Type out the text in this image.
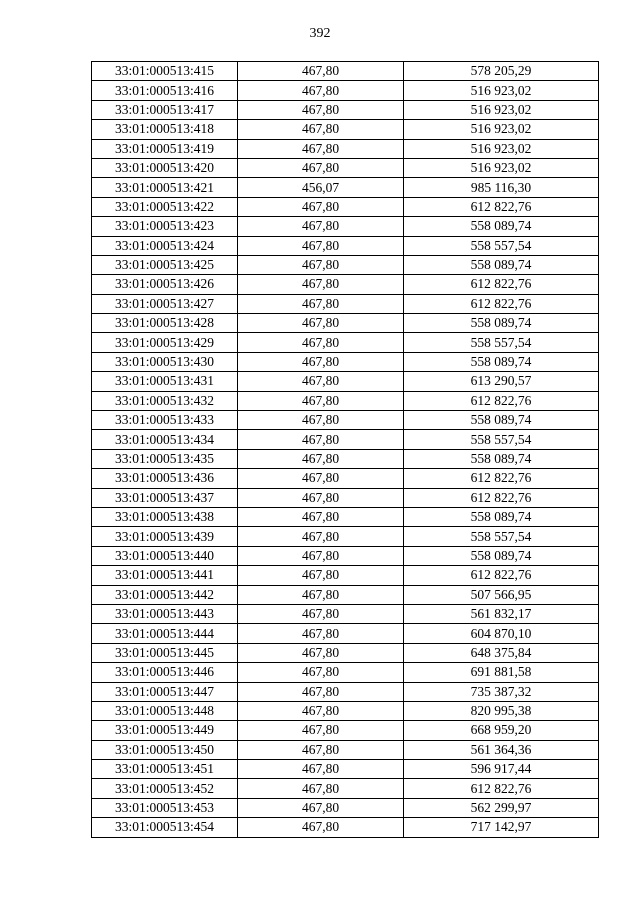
392
33:01:000513:415	467,80	578 205,29
33:01:000513:416	467,80	516 923,02
33:01:000513:417	467,80	516 923,02
33:01:000513:418	467,80	516 923,02
33:01:000513:419	467,80	516 923,02
33:01:000513:420	467,80	516 923,02
33:01:000513:421	456,07	985 116,30
33:01:000513:422	467,80	612 822,76
33:01:000513:423	467,80	558 089,74
33:01:000513:424	467,80	558 557,54
33:01:000513:425	467,80	558 089,74
33:01:000513:426	467,80	612 822,76
33:01:000513:427	467,80	612 822,76
33:01:000513:428	467,80	558 089,74
33:01:000513:429	467,80	558 557,54
33:01:000513:430	467,80	558 089,74
33:01:000513:431	467,80	613 290,57
33:01:000513:432	467,80	612 822,76
33:01:000513:433	467,80	558 089,74
33:01:000513:434	467,80	558 557,54
33:01:000513:435	467,80	558 089,74
33:01:000513:436	467,80	612 822,76
33:01:000513:437	467,80	612 822,76
33:01:000513:438	467,80	558 089,74
33:01:000513:439	467,80	558 557,54
33:01:000513:440	467,80	558 089,74
33:01:000513:441	467,80	612 822,76
33:01:000513:442	467,80	507 566,95
33:01:000513:443	467,80	561 832,17
33:01:000513:444	467,80	604 870,10
33:01:000513:445	467,80	648 375,84
33:01:000513:446	467,80	691 881,58
33:01:000513:447	467,80	735 387,32
33:01:000513:448	467,80	820 995,38
33:01:000513:449	467,80	668 959,20
33:01:000513:450	467,80	561 364,36
33:01:000513:451	467,80	596 917,44
33:01:000513:452	467,80	612 822,76
33:01:000513:453	467,80	562 299,97
33:01:000513:454	467,80	717 142,97
